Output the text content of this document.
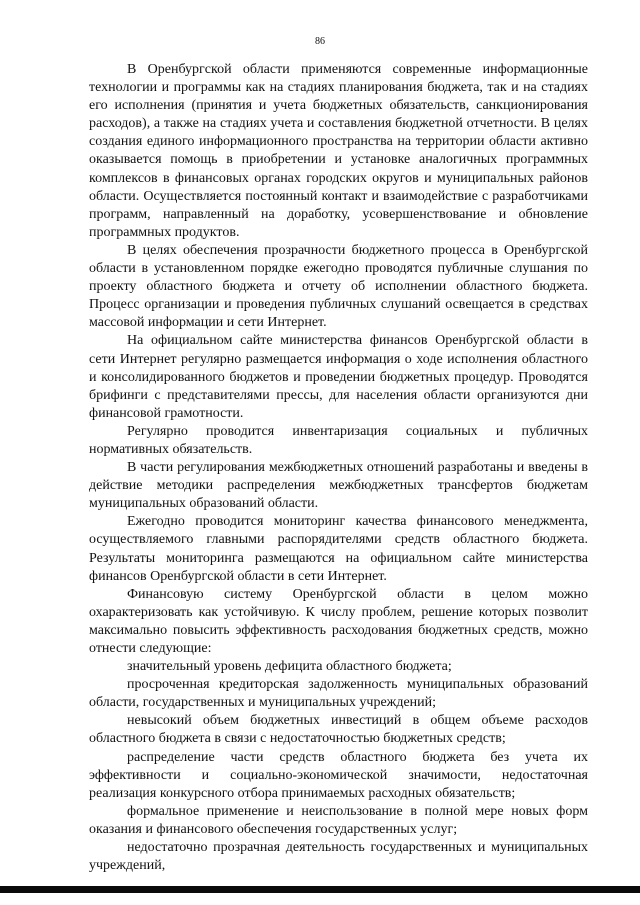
86

В Оренбургской области применяются современные информационные технологии и программы как на стадиях планирования бюджета, так и на стадиях его исполнения (принятия и учета бюджетных обязательств, санкционирования расходов), а также на стадиях учета и составления бюджетной отчетности. В целях создания единого информационного пространства на территории области активно оказывается помощь в приобретении и установке аналогичных программных комплексов в финансовых органах городских округов и муниципальных районов области. Осуществляется постоянный контакт и взаимодействие с разработчиками программ, направленный на доработку, усовершенствование и обновление программных продуктов.

В целях обеспечения прозрачности бюджетного процесса в Оренбургской области в установленном порядке ежегодно проводятся публичные слушания по проекту областного бюджета и отчету об исполнении областного бюджета. Процесс организации и проведения публичных слушаний освещается в средствах массовой информации и сети Интернет.

На официальном сайте министерства финансов Оренбургской области в сети Интернет регулярно размещается информация о ходе исполнения областного и консолидированного бюджетов и проведении бюджетных процедур. Проводятся брифинги с представителями прессы, для населения области организуются дни финансовой грамотности.

Регулярно проводится инвентаризация социальных и публичных нормативных обязательств.

В части регулирования межбюджетных отношений разработаны и введены в действие методики распределения межбюджетных трансфертов бюджетам муниципальных образований области.

Ежегодно проводится мониторинг качества финансового менеджмента, осуществляемого главными распорядителями средств областного бюджета. Результаты мониторинга размещаются на официальном сайте министерства финансов Оренбургской области в сети Интернет.

Финансовую систему Оренбургской области в целом можно охарактеризовать как устойчивую. К числу проблем, решение которых позволит максимально повысить эффективность расходования бюджетных средств, можно отнести следующие:

значительный уровень дефицита областного бюджета;

просроченная кредиторская задолженность муниципальных образований области, государственных и муниципальных учреждений;

невысокий объем бюджетных инвестиций в общем объеме расходов областного бюджета в связи с недостаточностью бюджетных средств;

распределение части средств областного бюджета без учета их эффективности и социально-экономической значимости, недостаточная реализация конкурсного отбора принимаемых расходных обязательств;

формальное применение и неиспользование в полной мере новых форм оказания и финансового обеспечения государственных услуг;

недостаточно прозрачная деятельность государственных и муниципальных учреждений,
